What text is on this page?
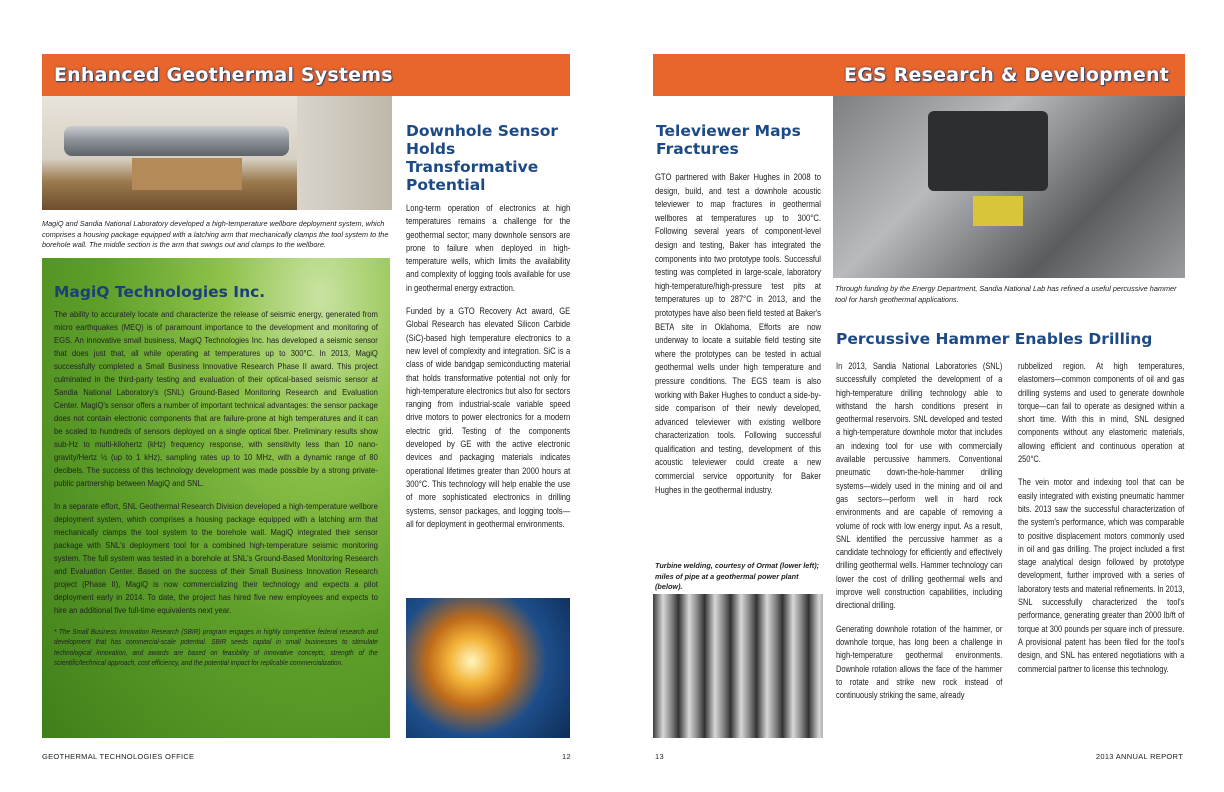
Enhanced Geothermal Systems
MagiQ and Sandia National Laboratory developed a high-temperature wellbore deployment system, which comprises a housing package equipped with a latching arm that mechanically clamps the tool system to the borehole wall. The middle section is the arm that swings out and clamps to the wellbore.
MagiQ Technologies Inc.

The ability to accurately locate and characterize the release of seismic energy, generated from micro earthquakes (MEQ) is of paramount importance to the development and monitoring of EGS. An innovative small business, MagiQ Technologies Inc. has developed a seismic sensor that does just that, all while operating at temperatures up to 300°C. In 2013, MagiQ successfully completed a Small Business Innovative Research Phase II award. This project culminated in the third-party testing and evaluation of their optical-based seismic sensor at Sandia National Laboratory's (SNL) Ground-Based Monitoring Research and Evaluation Center. MagiQ's sensor offers a number of important technical advantages: the sensor package does not contain electronic components that are failure-prone at high temperatures and it can be scaled to hundreds of sensors deployed on a single optical fiber. Preliminary results show sub-Hz to multi-kilohertz (kHz) frequency response, with sensitivity less than 10 nano-gravity/Hertz ½ (up to 1 kHz), sampling rates up to 10 MHz, with a dynamic range of 80 decibels. The success of this technology development was made possible by a strong private-public partnership between MagiQ and SNL.

In a separate effort, SNL Geothermal Research Division developed a high-temperature wellbore deployment system, which comprises a housing package equipped with a latching arm that mechanically clamps the tool system to the borehole wall. MagiQ integrated their sensor package with SNL's deployment tool for a combined high-temperature seismic monitoring system. The full system was tested in a borehole at SNL's Ground-Based Monitoring Research and Evaluation Center. Based on the success of their Small Business Innovation Research project (Phase II), MagiQ is now commercializing their technology and expects a pilot deployment early in 2014. To date, the project has hired five new employees and expects to hire an additional five full-time equivalents next year.

* The Small Business Innovation Research (SBIR) program engages in highly competitive federal research and development that has commercial-scale potential. SBIR seeds capital in small businesses to stimulate technological innovation, and awards are based on feasibility of innovative concepts, strength of the scientific/technical approach, cost efficiency, and the potential impact for replicable commercialization.

Downhole Sensor Holds Transformative Potential

Long-term operation of electronics at high temperatures remains a challenge for the geothermal sector; many downhole sensors are prone to failure when deployed in high-temperature wells, which limits the availability and complexity of logging tools available for use in geothermal energy extraction.

Funded by a GTO Recovery Act award, GE Global Research has elevated Silicon Carbide (SiC)-based high temperature electronics to a new level of complexity and integration. SiC is a class of wide bandgap semiconducting material that holds transformative potential not only for high-temperature electronics but also for sectors ranging from industrial-scale variable speed drive motors to power electronics for a modern electric grid. Testing of the components developed by GE with the active electronic devices and packaging materials indicates operational lifetimes greater than 2000 hours at 300°C. This technology will help enable the use of more sophisticated electronics in drilling systems, sensor packages, and logging tools—all for deployment in geothermal environments.

GEOTHERMAL TECHNOLOGIES OFFICE	12
EGS Research & Development
Televiewer Maps Fractures

GTO partnered with Baker Hughes in 2008 to design, build, and test a downhole acoustic televiewer to map fractures in geothermal wellbores at temperatures up to 300°C. Following several years of component-level design and testing, Baker has integrated the components into two prototype tools. Successful testing was completed in large-scale, laboratory high-temperature/high-pressure test pits at temperatures up to 287°C in 2013, and the prototypes have also been field tested at Baker's BETA site in Oklahoma. Efforts are now underway to locate a suitable field testing site where the prototypes can be tested in actual geothermal wells under high temperature and pressure conditions. The EGS team is also working with Baker Hughes to conduct a side-by-side comparison of their newly developed, advanced televiewer with existing wellbore characterization tools. Following successful qualification and testing, development of this acoustic televiewer could create a new commercial service opportunity for Baker Hughes in the geothermal industry.

Turbine welding, courtesy of Ormat (lower left); miles of pipe at a geothermal power plant (below).
Through funding by the Energy Department, Sandia National Lab has refined a useful percussive hammer tool for harsh geothermal applications.
Percussive Hammer Enables Drilling

In 2013, Sandia National Laboratories (SNL) successfully completed the development of a high-temperature drilling technology able to withstand the harsh conditions present in geothermal reservoirs. SNL developed and tested a high-temperature downhole motor that includes an indexing tool for use with commercially available percussive hammers. Conventional pneumatic down-the-hole-hammer drilling systems—widely used in the mining and oil and gas sectors—perform well in hard rock environments and are capable of removing a volume of rock with low energy input. As a result, SNL identified the percussive hammer as a candidate technology for efficiently and effectively drilling geothermal wells. Hammer technology can lower the cost of drilling geothermal wells and improve well construction capabilities, including directional drilling.

Generating downhole rotation of the hammer, or downhole torque, has long been a challenge in high-temperature geothermal environments. Downhole rotation allows the face of the hammer to rotate and strike new rock instead of continuously striking the same, already

rubbelized region. At high temperatures, elastomers—common components of oil and gas drilling systems and used to generate downhole torque—can fail to operate as designed within a short time. With this in mind, SNL designed components without any elastomeric materials, allowing efficient and continuous operation at 250°C.

The vein motor and indexing tool that can be easily integrated with existing pneumatic hammer bits. 2013 saw the successful characterization of the system's performance, which was comparable to positive displacement motors commonly used in oil and gas drilling. The project included a first stage analytical design followed by prototype development, further improved with a series of laboratory tests and material refinements. In 2013, SNL successfully characterized the tool's performance, generating greater than 2000 lb/ft of torque at 300 pounds per square inch of pressure. A provisional patent has been filed for the tool's design, and SNL has entered negotiations with a commercial partner to license this technology.

13	2013 ANNUAL REPORT
